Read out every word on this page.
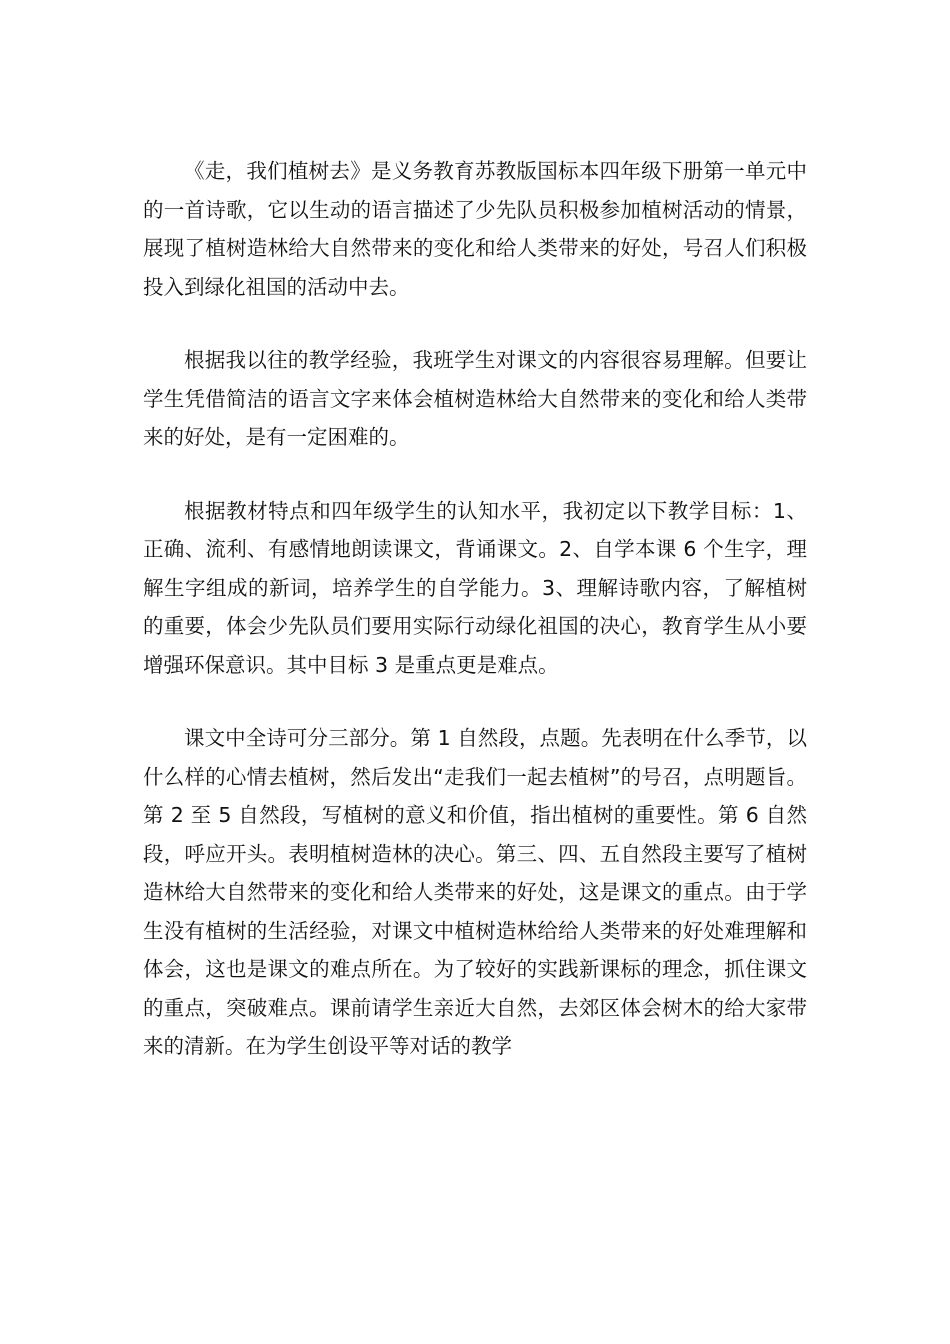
《走，我们植树去》是义务教育苏教版国标本四年级下册第一单元中的一首诗歌，它以生动的语言描述了少先队员积极参加植树活动的情景，展现了植树造林给大自然带来的变化和给人类带来的好处，号召人们积极投入到绿化祖国的活动中去。

根据我以往的教学经验，我班学生对课文的内容很容易理解。但要让学生凭借简洁的语言文字来体会植树造林给大自然带来的变化和给人类带来的好处，是有一定困难的。

根据教材特点和四年级学生的认知水平，我初定以下教学目标：1、正确、流利、有感情地朗读课文，背诵课文。2、自学本课 6 个生字，理解生字组成的新词，培养学生的自学能力。3、理解诗歌内容，了解植树的重要，体会少先队员们要用实际行动绿化祖国的决心，教育学生从小要增强环保意识。其中目标 3 是重点更是难点。

课文中全诗可分三部分。第 1 自然段，点题。先表明在什么季节，以什么样的心情去植树，然后发出“走我们一起去植树”的号召，点明题旨。第 2 至 5 自然段，写植树的意义和价值，指出植树的重要性。第 6 自然段，呼应开头。表明植树造林的决心。第三、四、五自然段主要写了植树造林给大自然带来的变化和给人类带来的好处，这是课文的重点。由于学生没有植树的生活经验，对课文中植树造林给给人类带来的好处难理解和体会，这也是课文的难点所在。为了较好的实践新课标的理念，抓住课文的重点，突破难点。课前请学生亲近大自然，去郊区体会树木的给大家带来的清新。在为学生创设平等对话的教学
